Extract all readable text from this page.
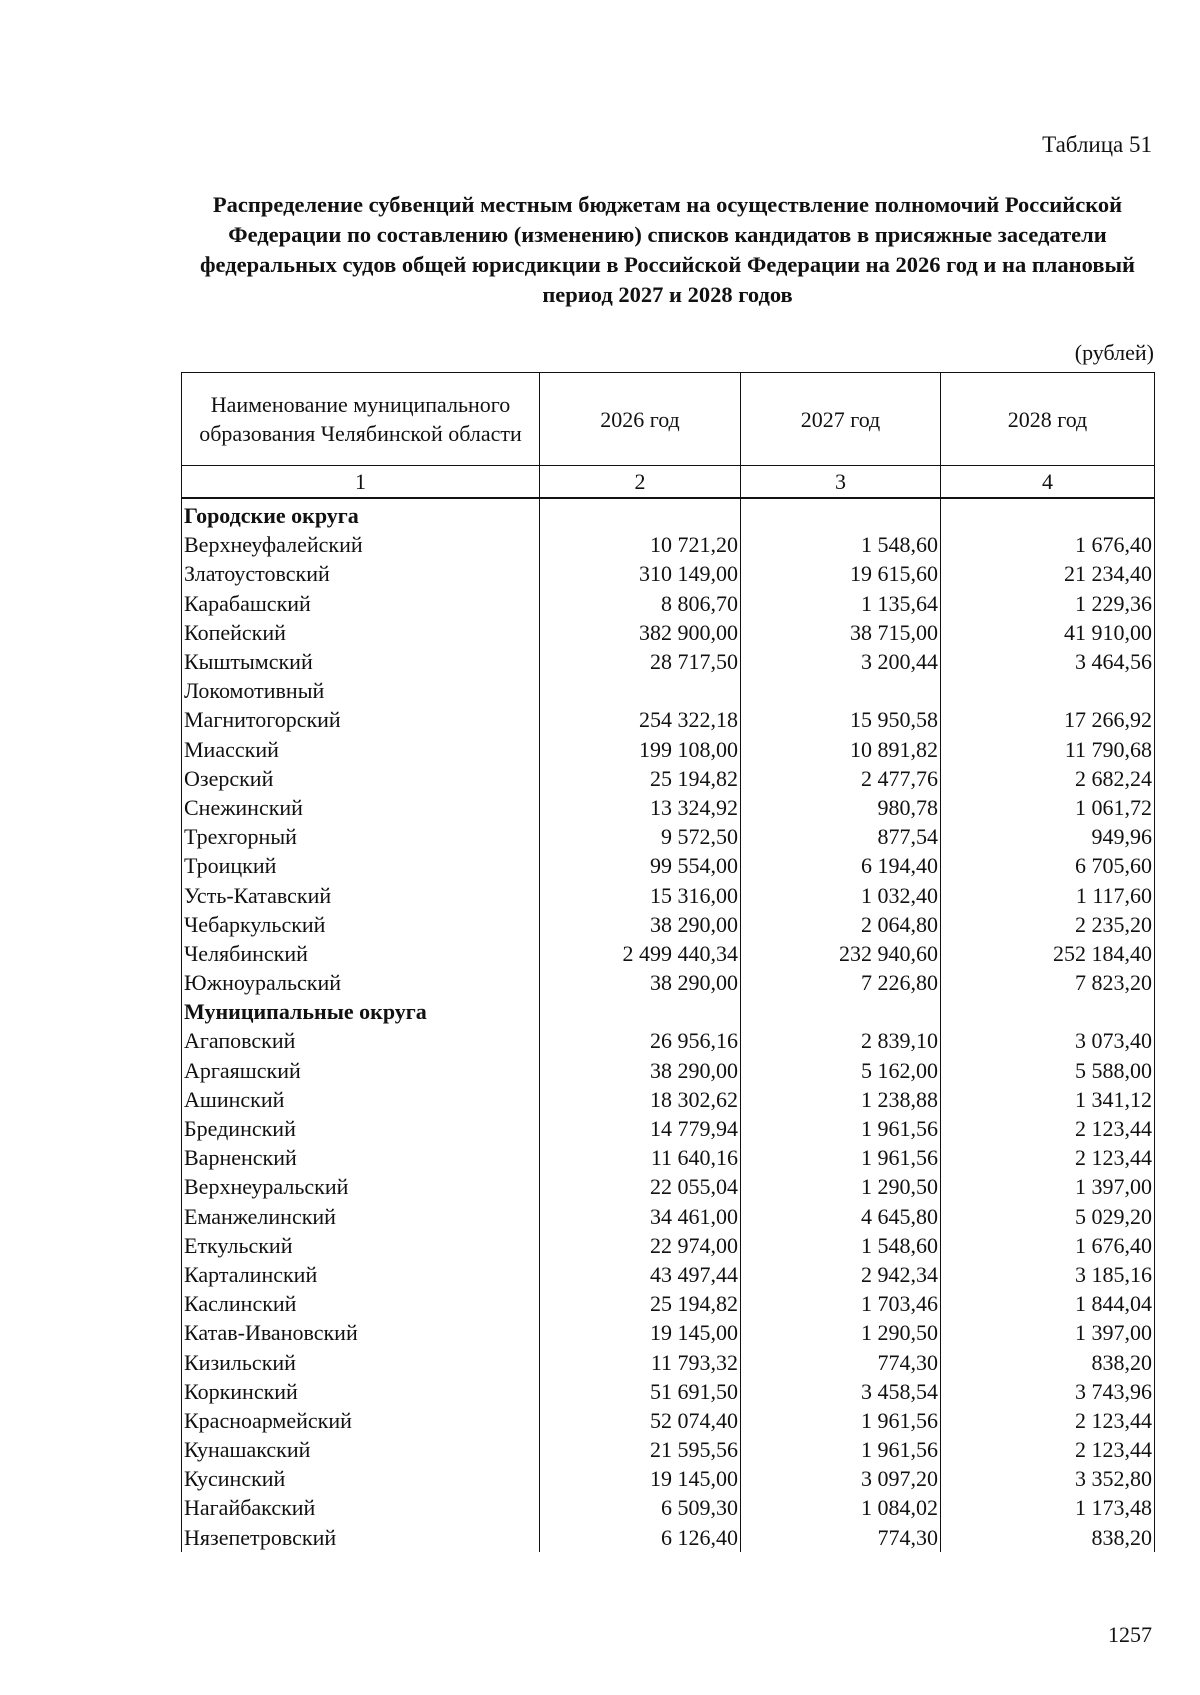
Таблица 51
Распределение субвенций местным бюджетам на осуществление полномочий Российской Федерации по составлению (изменению) списков кандидатов в присяжные заседатели федеральных судов общей юрисдикции в Российской Федерации на 2026 год и на плановый период 2027 и 2028 годов
(рублей)
Наименование муниципального образования Челябинской области	2026 год	2027 год	2028 год
1	2	3	4
Городские округа			
Верхнеуфалейский	10 721,20	1 548,60	1 676,40
Златоустовский	310 149,00	19 615,60	21 234,40
Карабашский	8 806,70	1 135,64	1 229,36
Копейский	382 900,00	38 715,00	41 910,00
Кыштымский	28 717,50	3 200,44	3 464,56
Локомотивный			
Магнитогорский	254 322,18	15 950,58	17 266,92
Миасский	199 108,00	10 891,82	11 790,68
Озерский	25 194,82	2 477,76	2 682,24
Снежинский	13 324,92	980,78	1 061,72
Трехгорный	9 572,50	877,54	949,96
Троицкий	99 554,00	6 194,40	6 705,60
Усть-Катавский	15 316,00	1 032,40	1 117,60
Чебаркульский	38 290,00	2 064,80	2 235,20
Челябинский	2 499 440,34	232 940,60	252 184,40
Южноуральский	38 290,00	7 226,80	7 823,20
Муниципальные округа			
Агаповский	26 956,16	2 839,10	3 073,40
Аргаяшский	38 290,00	5 162,00	5 588,00
Ашинский	18 302,62	1 238,88	1 341,12
Брединский	14 779,94	1 961,56	2 123,44
Варненский	11 640,16	1 961,56	2 123,44
Верхнеуральский	22 055,04	1 290,50	1 397,00
Еманжелинский	34 461,00	4 645,80	5 029,20
Еткульский	22 974,00	1 548,60	1 676,40
Карталинский	43 497,44	2 942,34	3 185,16
Каслинский	25 194,82	1 703,46	1 844,04
Катав-Ивановский	19 145,00	1 290,50	1 397,00
Кизильский	11 793,32	774,30	838,20
Коркинский	51 691,50	3 458,54	3 743,96
Красноармейский	52 074,40	1 961,56	2 123,44
Кунашакский	21 595,56	1 961,56	2 123,44
Кусинский	19 145,00	3 097,20	3 352,80
Нагайбакский	6 509,30	1 084,02	1 173,48
Нязепетровский	6 126,40	774,30	838,20
1257
